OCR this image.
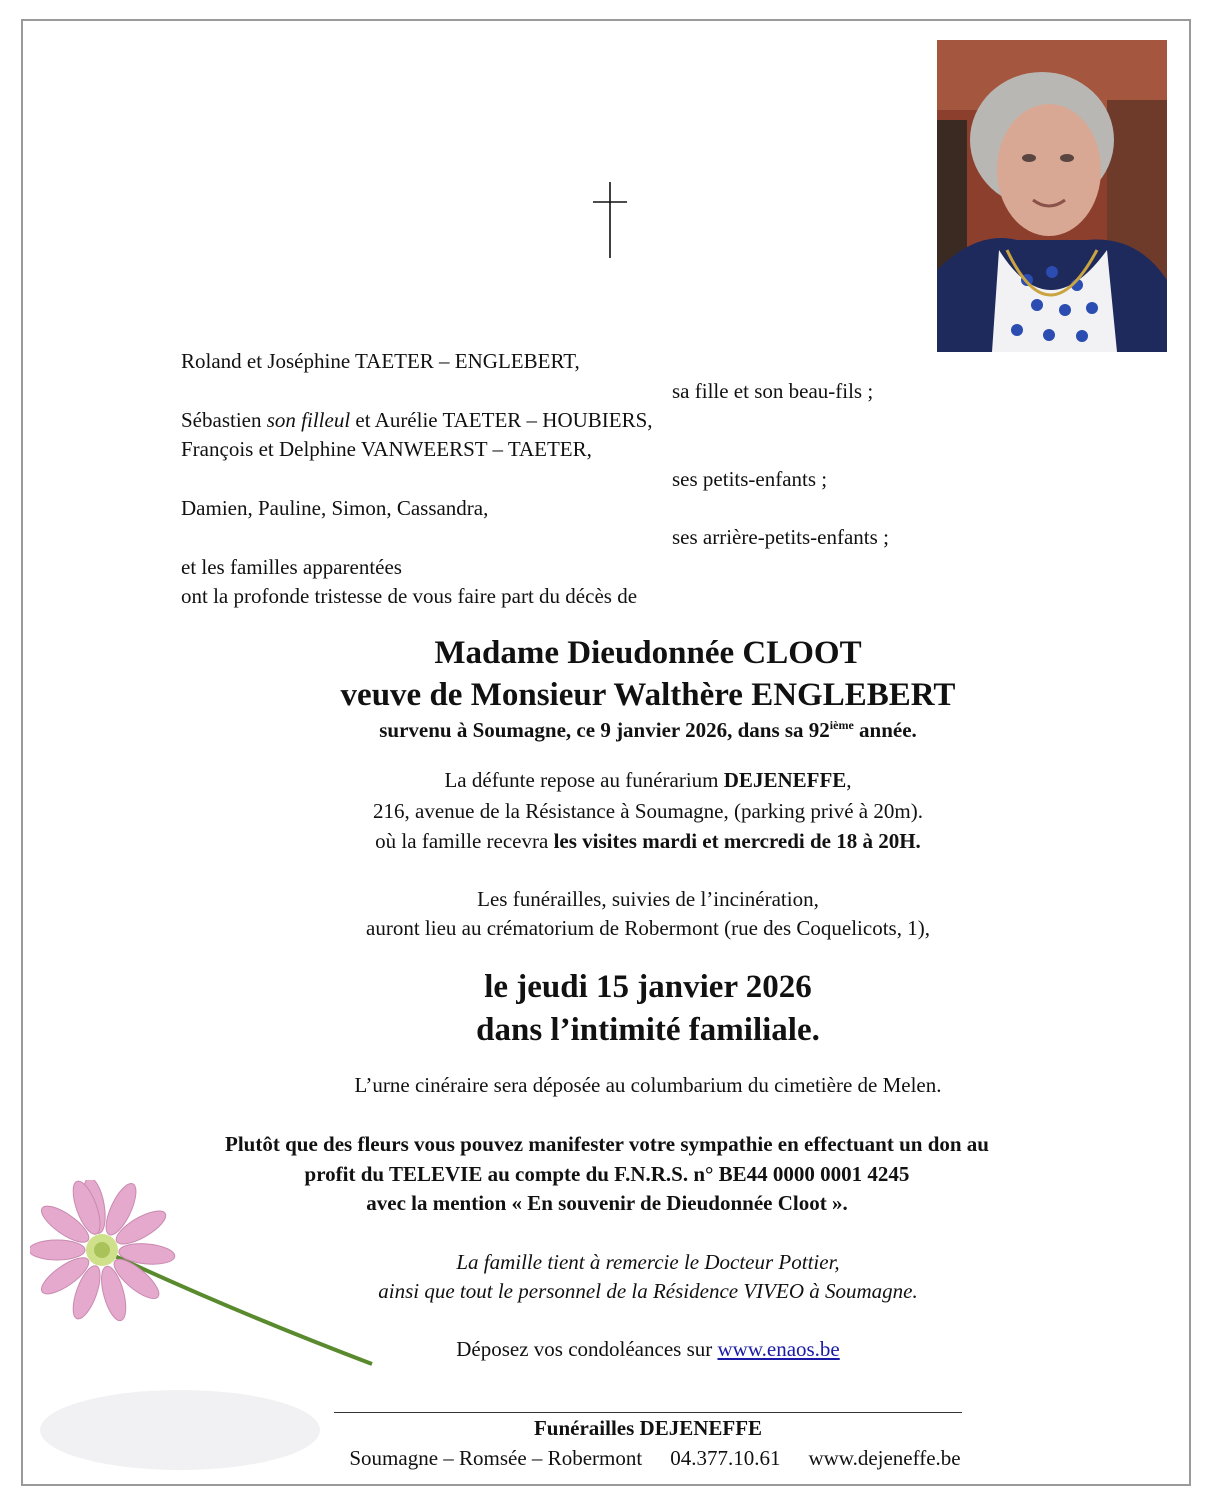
Roland et Joséphine TAETER – ENGLEBERT,
sa fille et son beau-fils ;
Sébastien son filleul et Aurélie TAETER – HOUBIERS,
François et Delphine VANWEERST – TAETER,
ses petits-enfants ;
Damien, Pauline, Simon, Cassandra,
ses arrière-petits-enfants ;
et les familles apparentées
ont la profonde tristesse de vous faire part du décès de
Madame Dieudonnée CLOOT
veuve de Monsieur Walthère ENGLEBERT
survenu à Soumagne, ce 9 janvier 2026, dans sa 92ième année.
La défunte repose au funérarium DEJENEFFE,
216, avenue de la Résistance à Soumagne, (parking privé à 20m).
où la famille recevra les visites mardi et mercredi de 18 à 20H.
Les funérailles, suivies de l’incinération,
auront lieu au crématorium de Robermont (rue des Coquelicots, 1),
le jeudi 15 janvier 2026
dans l’intimité familiale.
L’urne cinéraire sera déposée au columbarium du cimetière de Melen.
Plutôt que des fleurs vous pouvez manifester votre sympathie en effectuant un don au
profit du TELEVIE au compte du F.N.R.S. n° BE44 0000 0001 4245
avec la mention « En souvenir de Dieudonnée Cloot ».
La famille tient à remercie le Docteur Pottier,
ainsi que tout le personnel de la Résidence VIVEO à Soumagne.
Déposez vos condoléances sur www.enaos.be
Funérailles DEJENEFFE
Soumagne – Romsée – Robermont 04.377.10.61 www.dejeneffe.be
